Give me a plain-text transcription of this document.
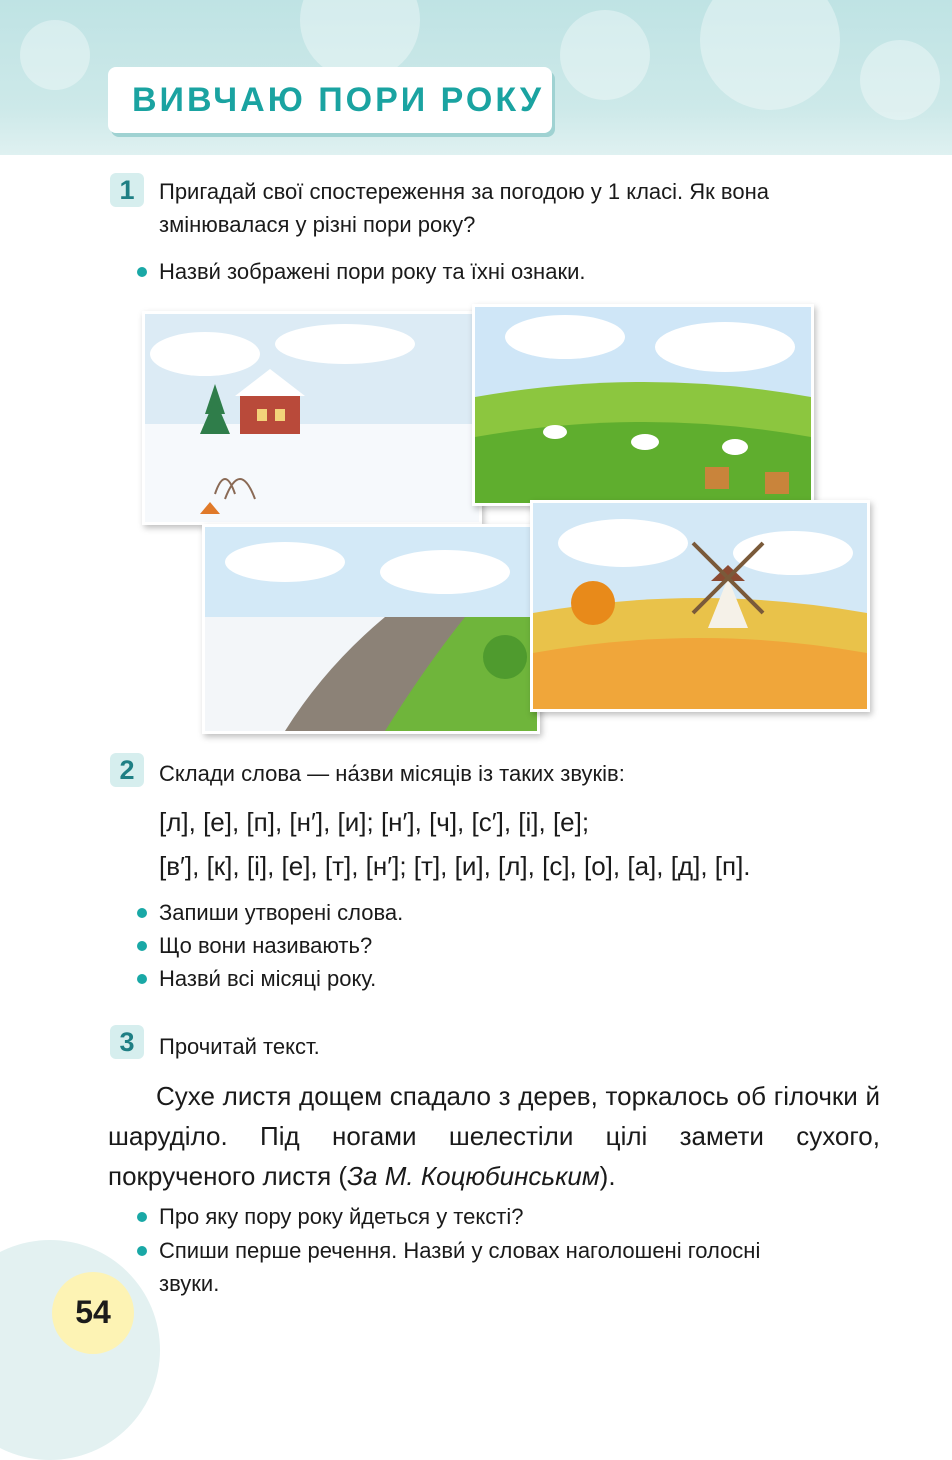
ВИВЧАЮ ПОРИ РОКУ
1	Пригадай свої спостереження за погодою у 1 класі. Як вона
змінювалася у різні пори року?
Назви́ зображені пори року та їхні ознаки.
2	Склади слова — на́зви місяців із таких звуків:
[л], [е], [п], [н′], [и]; [н′], [ч], [с′], [і], [е];
[в′], [к], [і], [е], [т], [н′]; [т], [и], [л], [с], [о], [а], [д], [п].
Запиши утворені слова.
Що вони називають?
Назви́ всі місяці року.
3	Прочитай текст.
Сухе листя дощем спадало з дерев, торкалось об гілочки й шаруділо. Під ногами шелестіли цілі замети сухого, покрученого листя (За М. Коцюбинським).
Про яку пору року йдеться у тексті?
Спиши перше речення. Назви́ у словах наголошені голосні
звуки.
54
